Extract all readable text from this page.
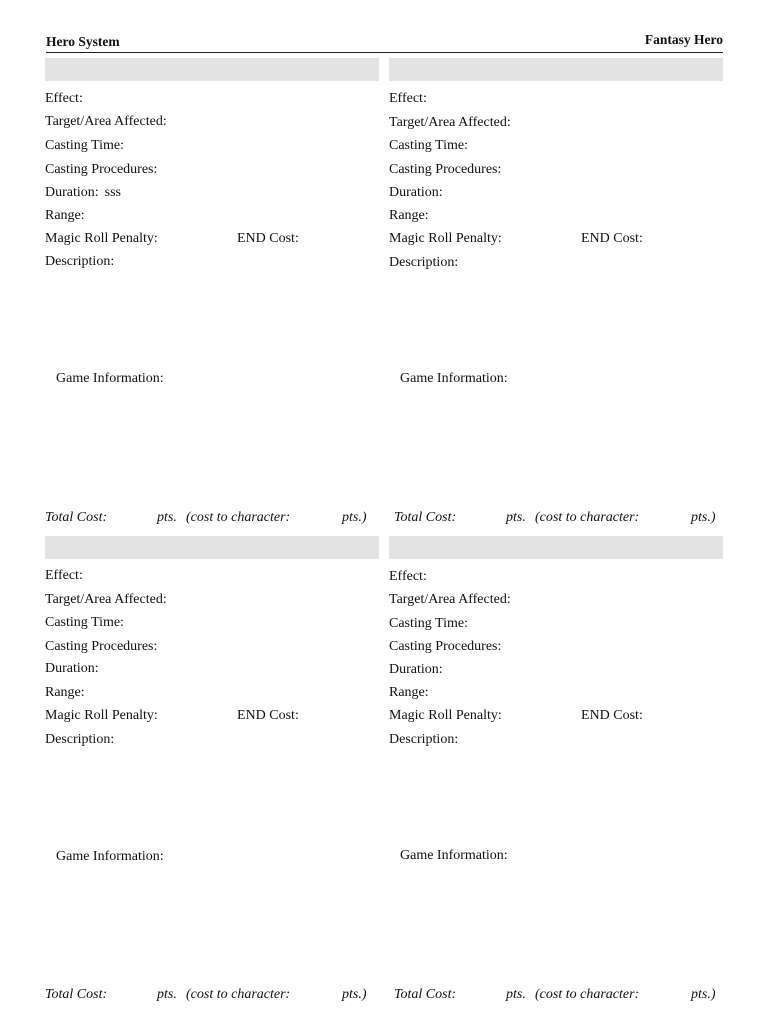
Hero System	Fantasy Hero
Effect:
Target/Area Affected:
Casting Time:
Casting Procedures:
Duration: sss
Range:
Magic Roll Penalty:	END Cost:
Description:
Game Information:
Total Cost:	pts. (cost to character:	pts.)
Effect:
Target/Area Affected:
Casting Time:
Casting Procedures:
Duration:
Range:
Magic Roll Penalty:	END Cost:
Description:
Game Information:
Total Cost:	pts. (cost to character:	pts.)
Effect:
Target/Area Affected:
Casting Time:
Casting Procedures:
Duration:
Range:
Magic Roll Penalty:	END Cost:
Description:
Game Information:
Total Cost:	pts. (cost to character:	pts.)
Effect:
Target/Area Affected:
Casting Time:
Casting Procedures:
Duration:
Range:
Magic Roll Penalty:	END Cost:
Description:
Game Information:
Total Cost:	pts. (cost to character:	pts.)
